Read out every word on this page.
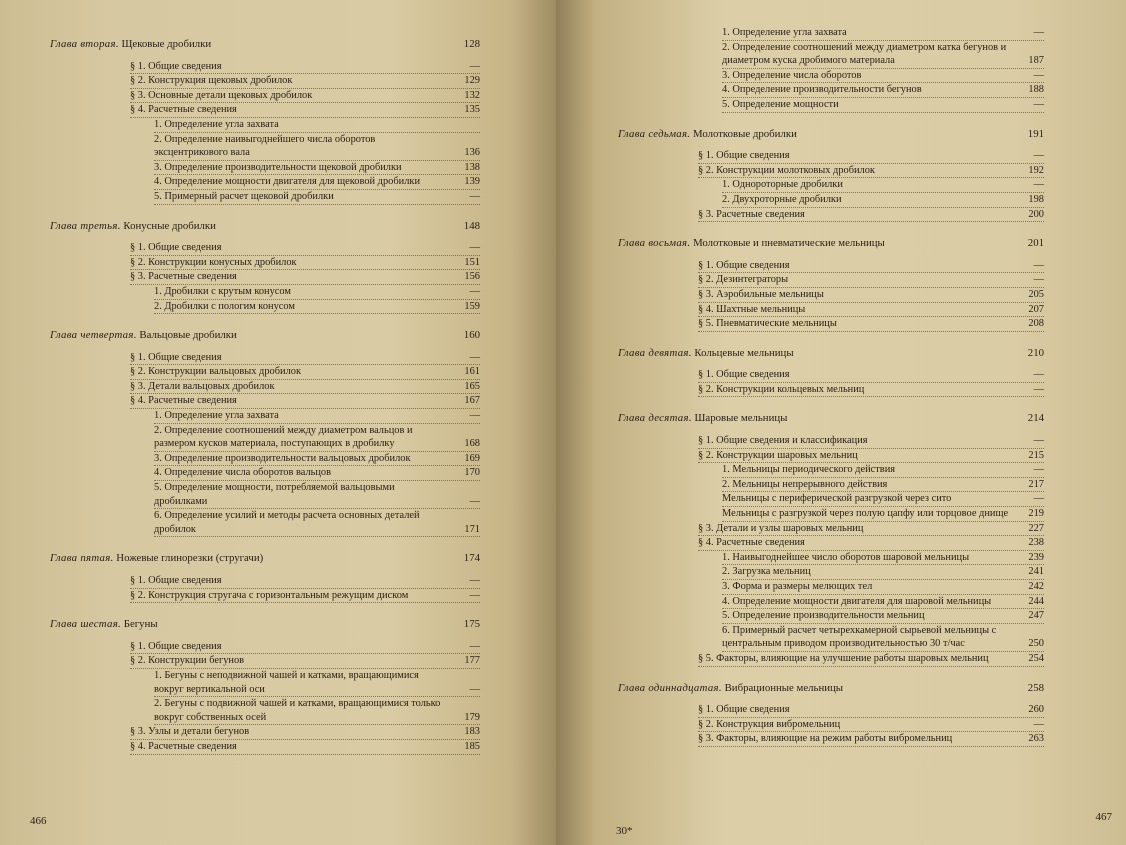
Глава вторая. Щековые дробилки	128
§ 1. Общие сведения	—
§ 2. Конструкция щековых дробилок	129
§ 3. Основные детали щековых дробилок	132
§ 4. Расчетные сведения	135
1. Определение угла захвата
2. Определение наивыгоднейшего числа оборотов эксцентрикового вала	136
3. Определение производительности щековой дробилки	138
4. Определение мощности двигателя для щековой дробилки	139
5. Примерный расчет щековой дробилки	—
Глава третья. Конусные дробилки	148
§ 1. Общие сведения	—
§ 2. Конструкции конусных дробилок	151
§ 3. Расчетные сведения	156
1. Дробилки с крутым конусом	—
2. Дробилки с пологим конусом	159
Глава четвертая. Вальцовые дробилки	160
§ 1. Общие сведения	—
§ 2. Конструкции вальцовых дробилок	161
§ 3. Детали вальцовых дробилок	165
§ 4. Расчетные сведения	167
1. Определение угла захвата	—
2. Определение соотношений между диаметром вальцов и размером кусков материала, поступающих в дробилку	168
3. Определение производительности вальцовых дробилок	169
4. Определение числа оборотов вальцов	170
5. Определение мощности, потребляемой вальцовыми дробилками	—
6. Определение усилий и методы расчета основных деталей дробилок	171
Глава пятая. Ножевые глинорезки (стругачи)	174
§ 1. Общие сведения	—
§ 2. Конструкция стругача с горизонтальным режущим диском	—
Глава шестая. Бегуны	175
§ 1. Общие сведения	—
§ 2. Конструкции бегунов	177
1. Бегуны с неподвижной чашей и катками, вращающимися вокруг вертикальной оси	—
2. Бегуны с подвижной чашей и катками, вращающимися только вокруг собственных осей	179
§ 3. Узлы и детали бегунов	183
§ 4. Расчетные сведения	185
466
1. Определение угла захвата	—
2. Определение соотношений между диаметром катка бегунов и диаметром куска дробимого материала	187
3. Определение числа оборотов	—
4. Определение производительности бегунов	188
5. Определение мощности	—
Глава седьмая. Молотковые дробилки	191
§ 1. Общие сведения	—
§ 2. Конструкции молотковых дробилок	192
1. Однороторные дробилки	—
2. Двухроторные дробилки	198
§ 3. Расчетные сведения	200
Глава восьмая. Молотковые и пневматические мельницы	201
§ 1. Общие сведения	—
§ 2. Дезинтеграторы	—
§ 3. Аэробильные мельницы	205
§ 4. Шахтные мельницы	207
§ 5. Пневматические мельницы	208
Глава девятая. Кольцевые мельницы	210
§ 1. Общие сведения	—
§ 2. Конструкции кольцевых мельниц	—
Глава десятая. Шаровые мельницы	214
§ 1. Общие сведения и классификация	—
§ 2. Конструкции шаровых мельниц	215
1. Мельницы периодического действия	—
2. Мельницы непрерывного действия	217
Мельницы с периферической разгрузкой через сито	—
Мельницы с разгрузкой через полую цапфу или торцовое днище	219
§ 3. Детали и узлы шаровых мельниц	227
§ 4. Расчетные сведения	238
1. Наивыгоднейшее число оборотов шаровой мельницы	239
2. Загрузка мельниц	241
3. Форма и размеры мелющих тел	242
4. Определение мощности двигателя для шаровой мельницы	244
5. Определение производительности мельниц	247
6. Примерный расчет четырехкамерной сырьевой мельницы с центральным приводом производительностью 30 т/час	250
§ 5. Факторы, влияющие на улучшение работы шаровых мельниц	254
Глава одиннадцатая. Вибрационные мельницы	258
§ 1. Общие сведения	260
§ 2. Конструкция вибромельниц	—
§ 3. Факторы, влияющие на режим работы вибромельниц	263
30*
467
